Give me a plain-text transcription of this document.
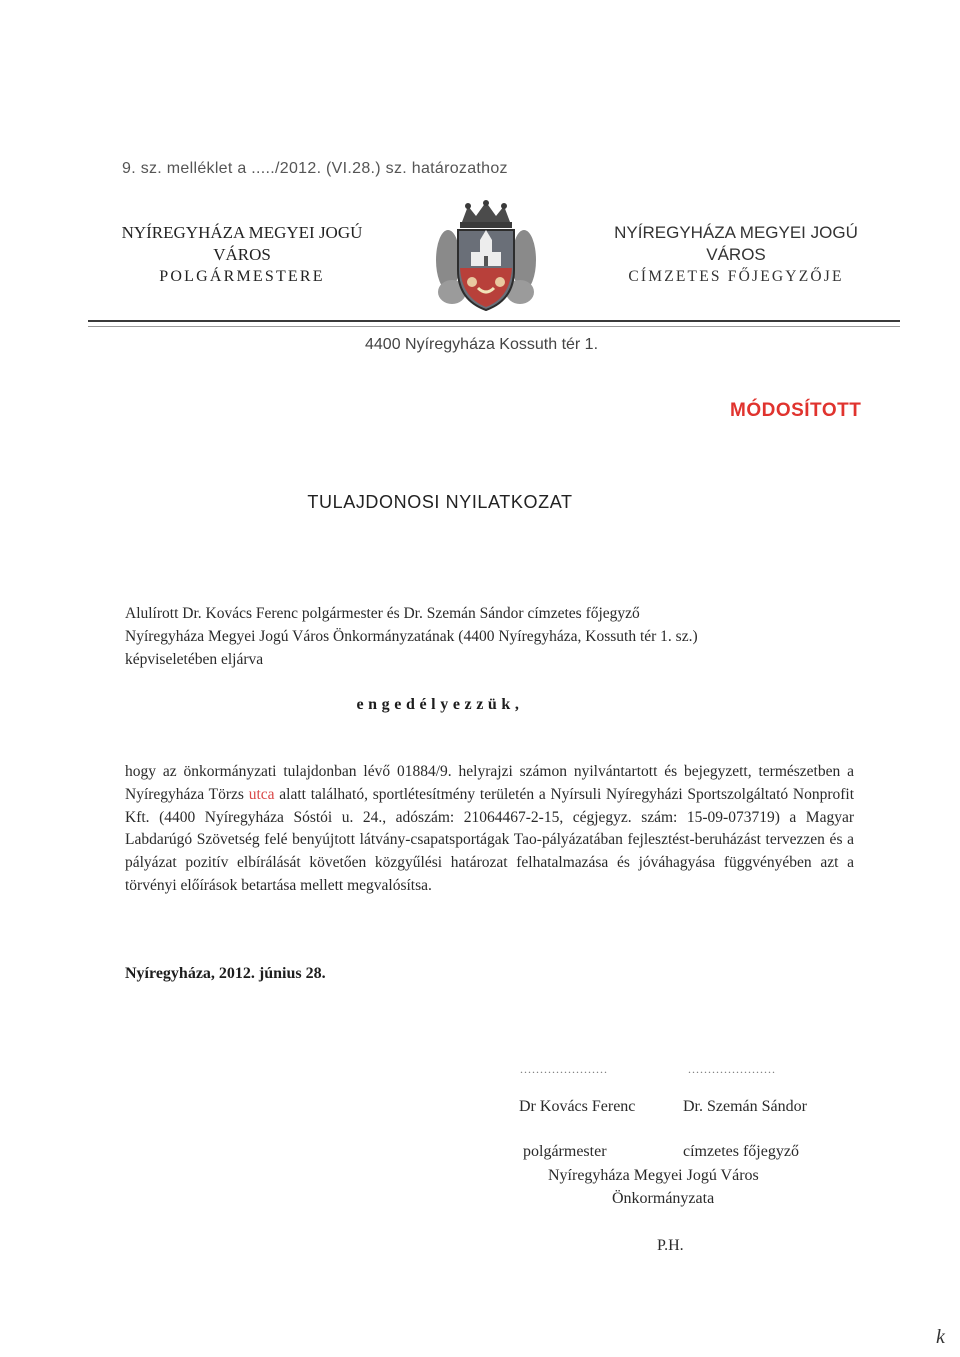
9. sz. melléklet a ...../2012. (VI.28.) sz. határozathoz
NYÍREGYHÁZA MEGYEI JOGÚ
VÁROS
POLGÁRMESTERE
NYÍREGYHÁZA MEGYEI JOGÚ
VÁROS
CÍMZETES FŐJEGYZŐJE
4400 Nyíregyháza Kossuth tér 1.
MÓDOSÍTOTT
TULAJDONOSI NYILATKOZAT

Alulírott Dr. Kovács Ferenc polgármester és Dr. Szemán Sándor címzetes főjegyző

Nyíregyháza Megyei Jogú Város Önkormányzatának (4400 Nyíregyháza, Kossuth tér 1. sz.)

képviseletében eljárva

engedélyezzük,
hogy az önkormányzati tulajdonban lévő 01884/9. helyrajzi számon nyilvántartott és bejegyzett, természetben a Nyíregyháza Törzs utca alatt található, sportlétesítmény területén a Nyírsuli Nyíregyházi Sportszolgáltató Nonprofit Kft. (4400 Nyíregyháza Sóstói u. 24., adószám: 21064467-2-15, cégjegyz. szám: 15-09-073719) a Magyar Labdarúgó Szövetség felé benyújtott látvány-csapatsportágak Tao-pályázatában fejlesztést-beruházást tervezzen és a pályázat pozitív elbírálását követően közgyűlési határozat felhatalmazása és jóváhagyása függvényében azt a törvényi előírások betartása mellett megvalósítsa.
Nyíregyháza, 2012. június 28.
......................	......................
Dr Kovács Ferenc	Dr. Szemán Sándor
polgármester	címzetes főjegyző
Nyíregyháza Megyei Jogú Város
Önkormányzata
P.H.
k
